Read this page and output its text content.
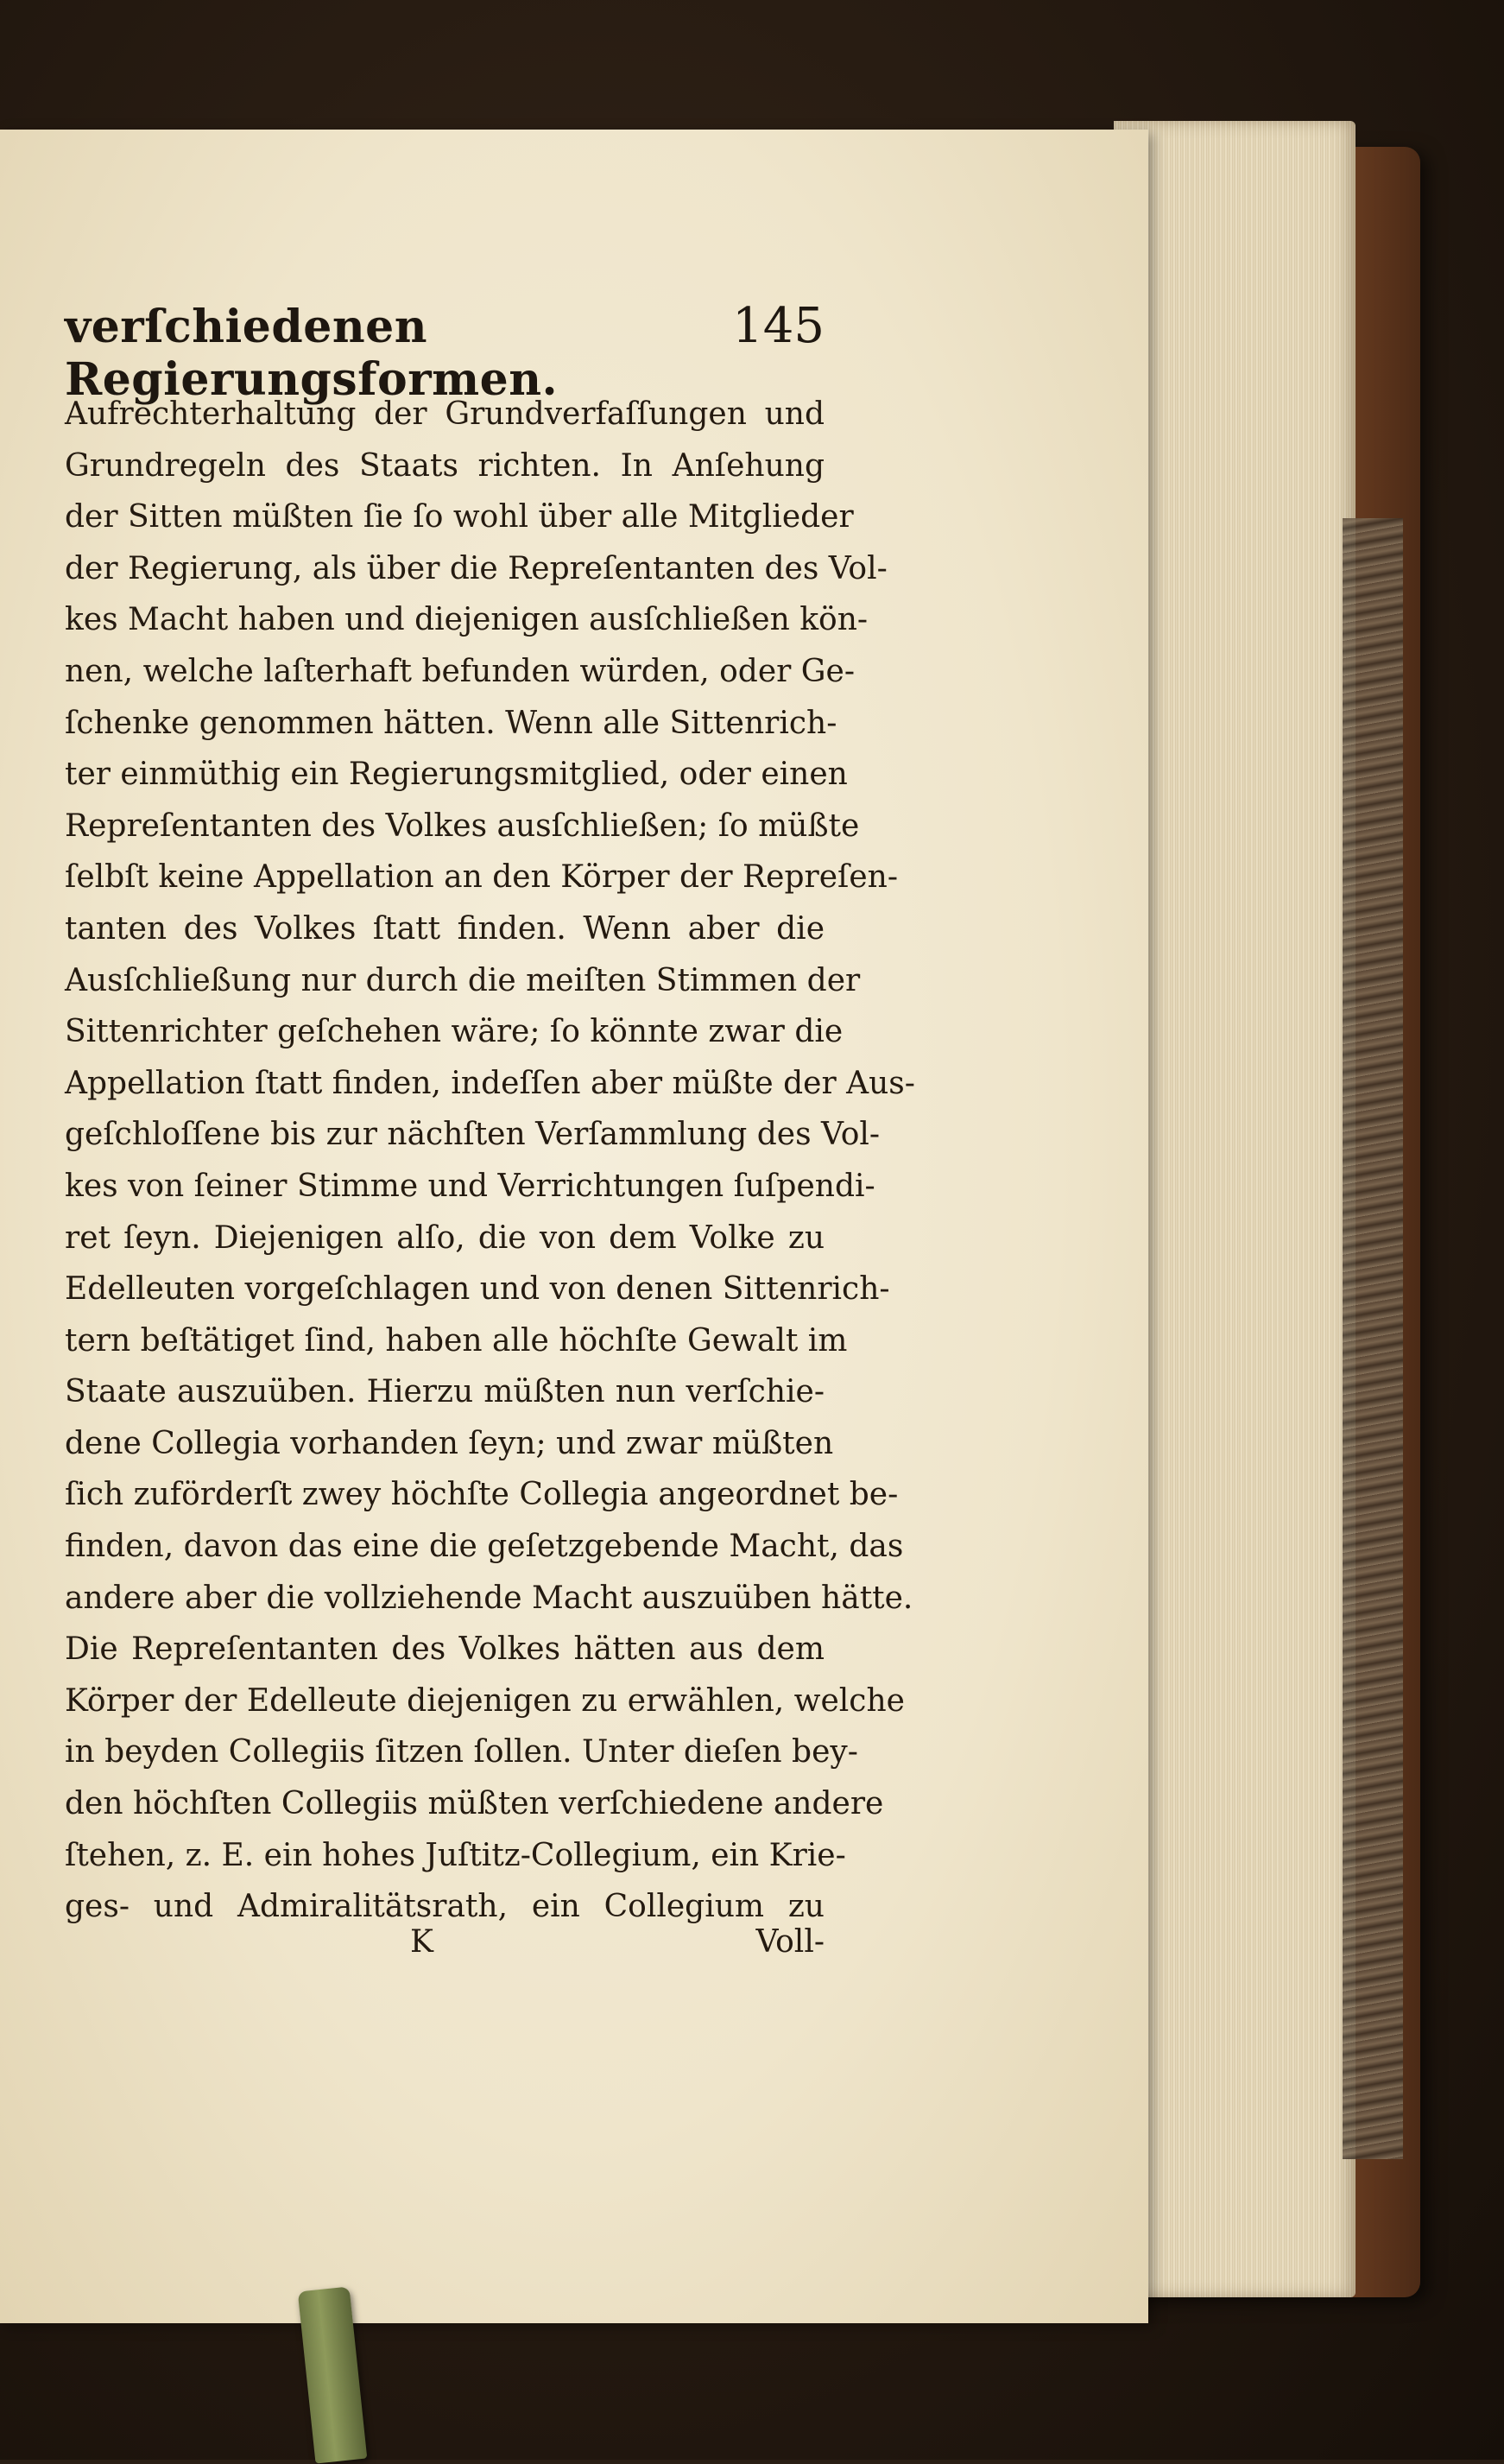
verſchiedenen Regierungsformen.
145
Aufrechterhaltung der Grundverfaſſungen und
Grundregeln des Staats richten. In Anſehung
der Sitten müßten ſie ſo wohl über alle Mitglieder
der Regierung, als über die Repreſentanten des Vol-
kes Macht haben und diejenigen ausſchließen kön-
nen, welche laſterhaft befunden würden, oder Ge-
ſchenke genommen hätten. Wenn alle Sittenrich-
ter einmüthig ein Regierungsmitglied, oder einen
Repreſentanten des Volkes ausſchließen; ſo müßte
ſelbſt keine Appellation an den Körper der Repreſen-
tanten des Volkes ſtatt finden. Wenn aber die
Ausſchließung nur durch die meiſten Stimmen der
Sittenrichter geſchehen wäre; ſo könnte zwar die
Appellation ſtatt finden, indeſſen aber müßte der Aus-
geſchloſſene bis zur nächſten Verſammlung des Vol-
kes von ſeiner Stimme und Verrichtungen ſuſpendi-
ret ſeyn. Diejenigen alſo, die von dem Volke zu
Edelleuten vorgeſchlagen und von denen Sittenrich-
tern beſtätiget ſind, haben alle höchſte Gewalt im
Staate auszuüben. Hierzu müßten nun verſchie-
dene Collegia vorhanden ſeyn; und zwar müßten
ſich zuförderſt zwey höchſte Collegia angeordnet be-
finden, davon das eine die geſetzgebende Macht, das
andere aber die vollziehende Macht auszuüben hätte.
Die Repreſentanten des Volkes hätten aus dem
Körper der Edelleute diejenigen zu erwählen, welche
in beyden Collegiis ſitzen ſollen. Unter dieſen bey-
den höchſten Collegiis müßten verſchiedene andere
ſtehen, z. E. ein hohes Juſtitz-Collegium, ein Krie-
ges- und Admiralitätsrath, ein Collegium zu
K	Voll-
